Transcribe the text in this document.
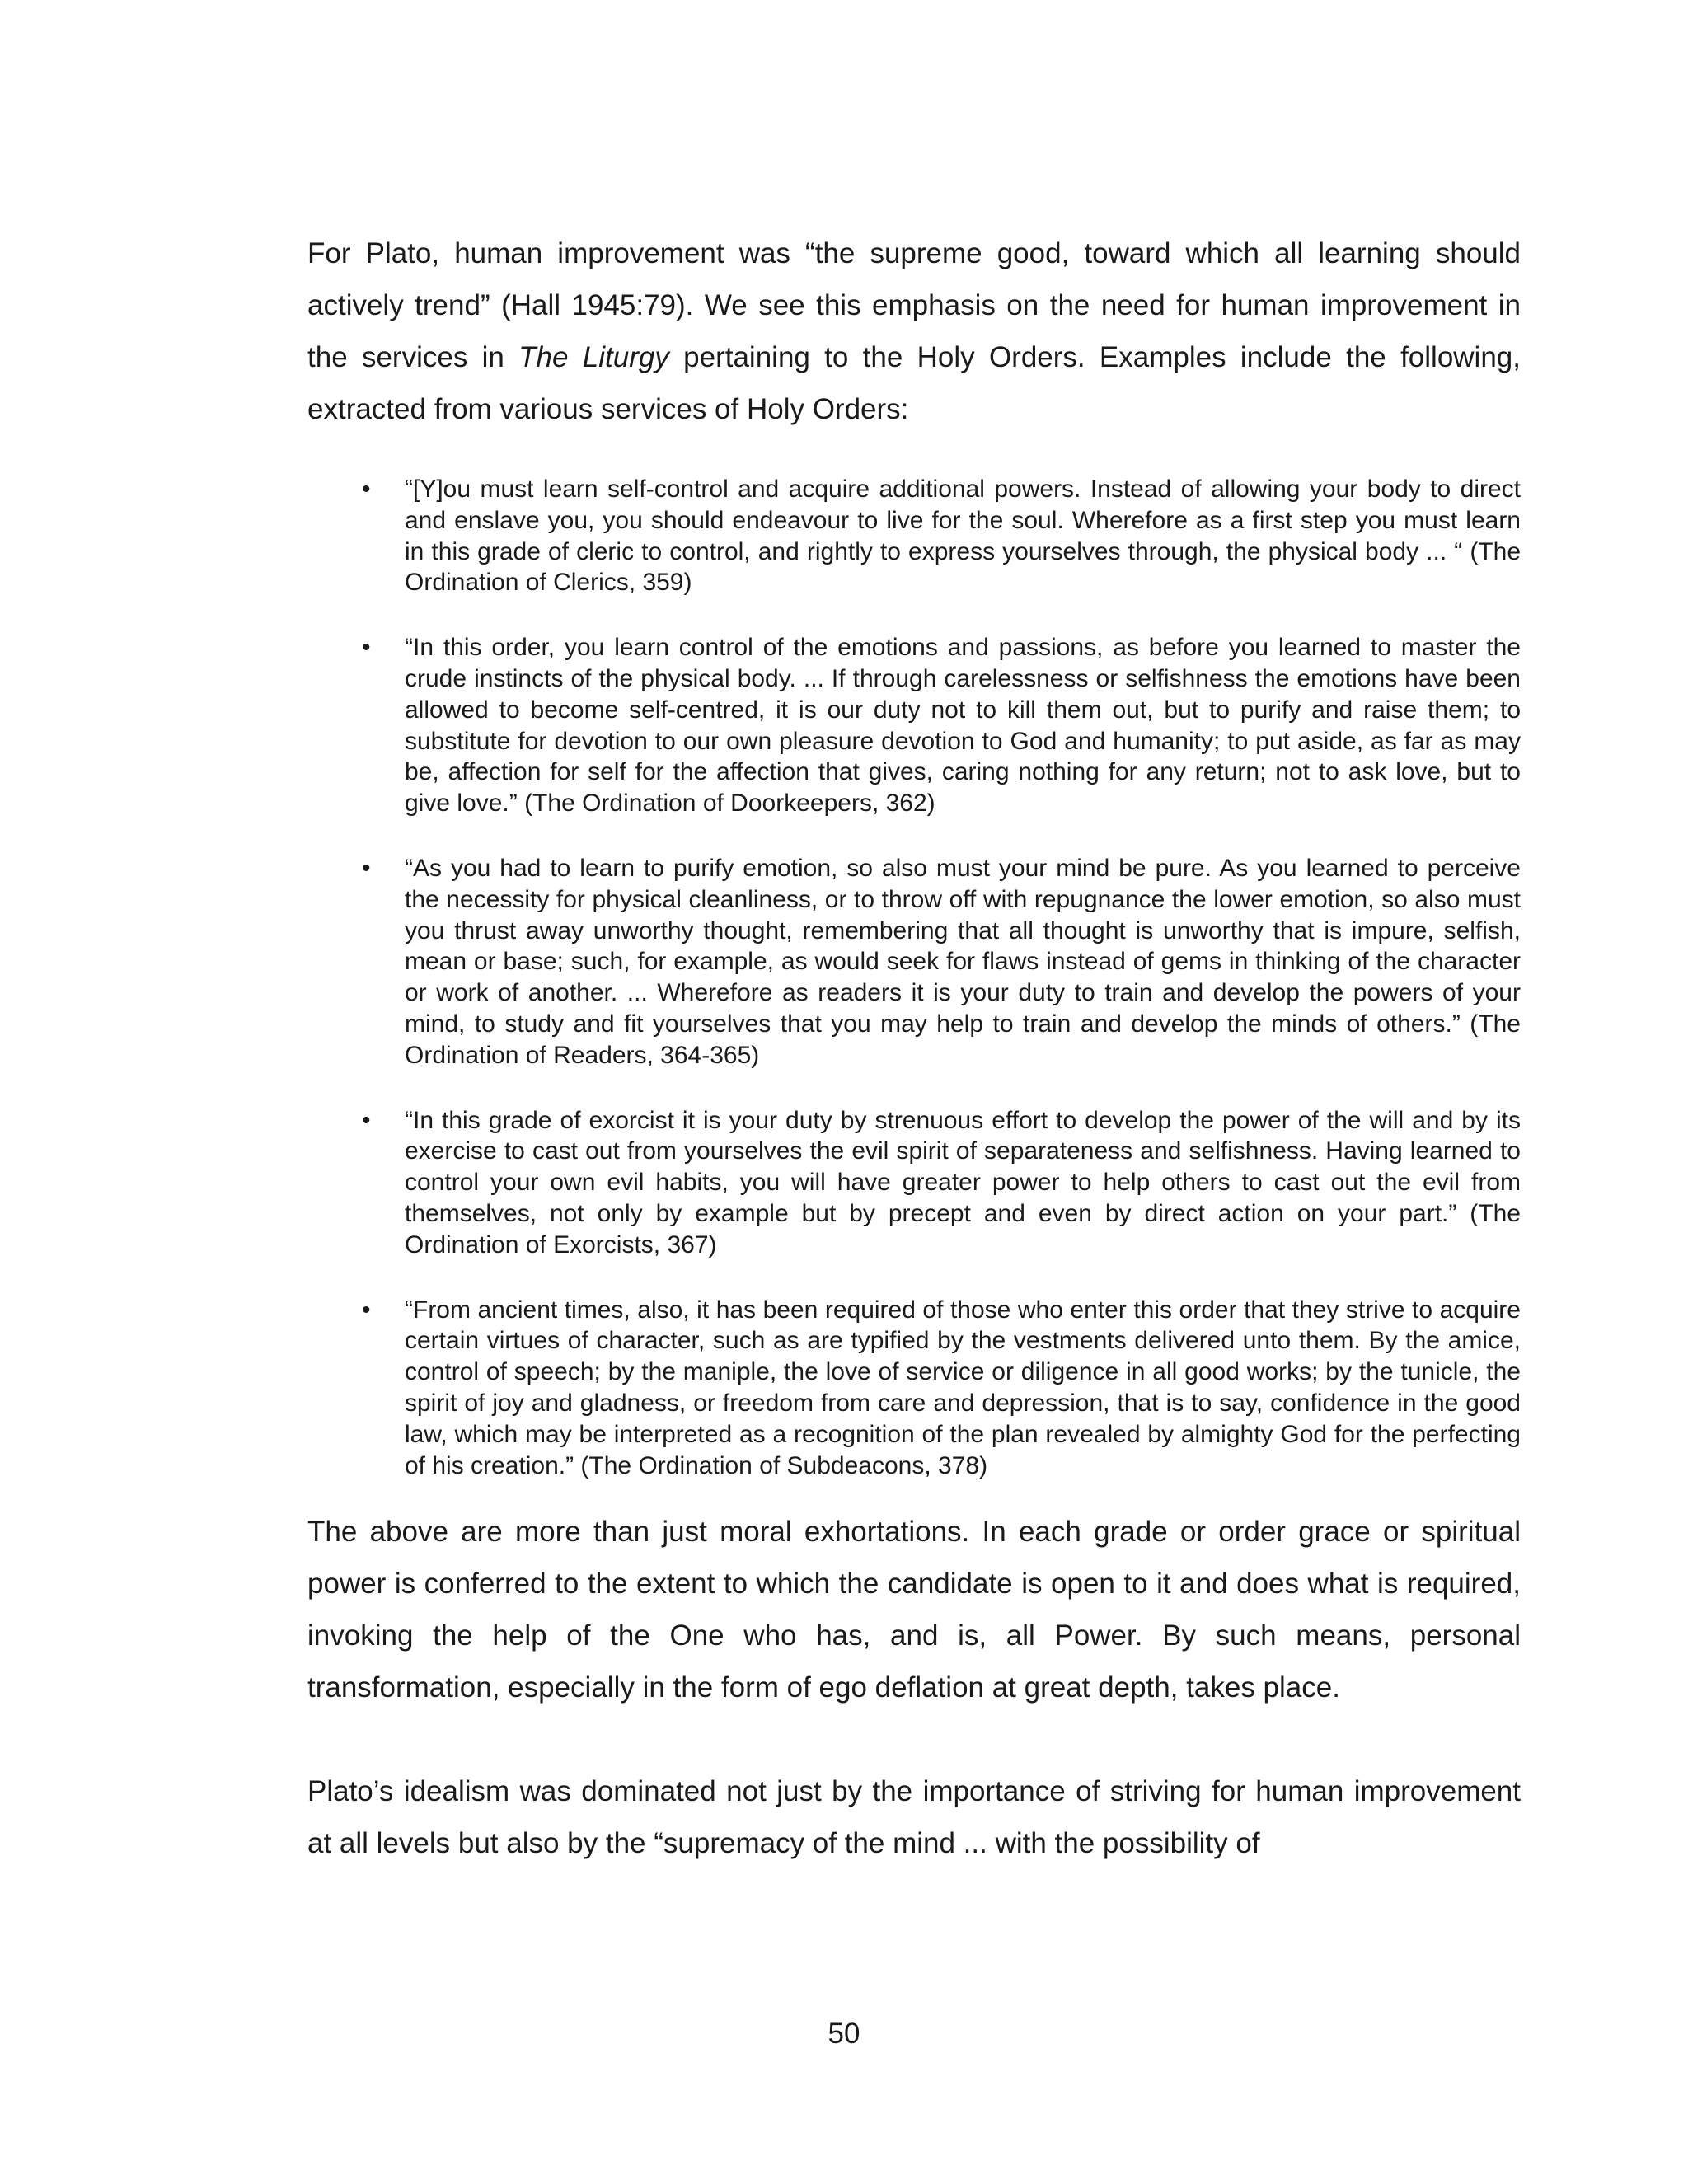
For Plato, human improvement was “the supreme good, toward which all learning should actively trend” (Hall 1945:79). We see this emphasis on the need for human improvement in the services in The Liturgy pertaining to the Holy Orders. Examples include the following, extracted from various services of Holy Orders:

• “[Y]ou must learn self-control and acquire additional powers. Instead of allowing your body to direct and enslave you, you should endeavour to live for the soul. Wherefore as a first step you must learn in this grade of cleric to control, and rightly to express yourselves through, the physical body ... “ (The Ordination of Clerics, 359)
• “In this order, you learn control of the emotions and passions, as before you learned to master the crude instincts of the physical body. ... If through carelessness or selfishness the emotions have been allowed to become self-centred, it is our duty not to kill them out, but to purify and raise them; to substitute for devotion to our own pleasure devotion to God and humanity; to put aside, as far as may be, affection for self for the affection that gives, caring nothing for any return; not to ask love, but to give love.” (The Ordination of Doorkeepers, 362)
• “As you had to learn to purify emotion, so also must your mind be pure. As you learned to perceive the necessity for physical cleanliness, or to throw off with repugnance the lower emotion, so also must you thrust away unworthy thought, remembering that all thought is unworthy that is impure, selfish, mean or base; such, for example, as would seek for flaws instead of gems in thinking of the character or work of another. ... Wherefore as readers it is your duty to train and develop the powers of your mind, to study and fit yourselves that you may help to train and develop the minds of others.” (The Ordination of Readers, 364-365)
• “In this grade of exorcist it is your duty by strenuous effort to develop the power of the will and by its exercise to cast out from yourselves the evil spirit of separateness and selfishness. Having learned to control your own evil habits, you will have greater power to help others to cast out the evil from themselves, not only by example but by precept and even by direct action on your part.” (The Ordination of Exorcists, 367)
• “From ancient times, also, it has been required of those who enter this order that they strive to acquire certain virtues of character, such as are typified by the vestments delivered unto them. By the amice, control of speech; by the maniple, the love of service or diligence in all good works; by the tunicle, the spirit of joy and gladness, or freedom from care and depression, that is to say, confidence in the good law, which may be interpreted as a recognition of the plan revealed by almighty God for the perfecting of his creation.” (The Ordination of Subdeacons, 378)

The above are more than just moral exhortations. In each grade or order grace or spiritual power is conferred to the extent to which the candidate is open to it and does what is required, invoking the help of the One who has, and is, all Power. By such means, personal transformation, especially in the form of ego deflation at great depth, takes place.

Plato’s idealism was dominated not just by the importance of striving for human improvement at all levels but also by the “supremacy of the mind ... with the possibility of

50
